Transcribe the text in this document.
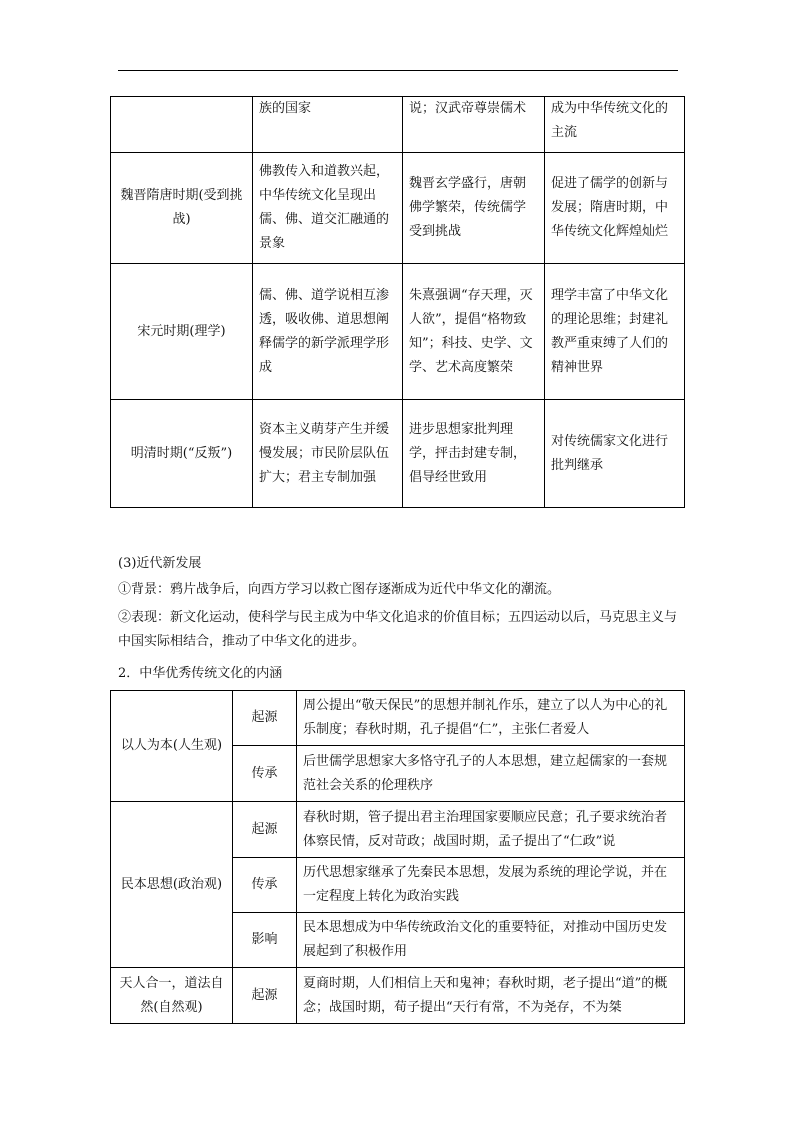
	族的国家	说；汉武帝尊崇儒术	成为中华传统文化的主流
魏晋隋唐时期(受到挑战)	佛教传入和道教兴起，中华传统文化呈现出儒、佛、道交汇融通的景象	魏晋玄学盛行，唐朝佛学繁荣，传统儒学受到挑战	促进了儒学的创新与发展；隋唐时期，中华传统文化辉煌灿烂
宋元时期(理学)	儒、佛、道学说相互渗透，吸收佛、道思想阐释儒学的新学派理学形成	朱熹强调“存天理，灭人欲”，提倡“格物致知”；科技、史学、文学、艺术高度繁荣	理学丰富了中华文化的理论思维；封建礼教严重束缚了人们的精神世界
明清时期(“反叛”)	资本主义萌芽产生并缓慢发展；市民阶层队伍扩大；君主专制加强	进步思想家批判理学，抨击封建专制，倡导经世致用	对传统儒家文化进行批判继承
(3)近代新发展
①背景：鸦片战争后，向西方学习以救亡图存逐渐成为近代中华文化的潮流。
②表现：新文化运动，使科学与民主成为中华文化追求的价值目标；五四运动以后，马克思主义与中国实际相结合，推动了中华文化的进步。
2．中华优秀传统文化的内涵
以人为本(人生观)	起源	周公提出“敬天保民”的思想并制礼作乐，建立了以人为中心的礼乐制度；春秋时期，孔子提倡“仁”，主张仁者爱人
	传承	后世儒学思想家大多恪守孔子的人本思想，建立起儒家的一套规范社会关系的伦理秩序
民本思想(政治观)	起源	春秋时期，管子提出君主治理国家要顺应民意；孔子要求统治者体察民情，反对苛政；战国时期，孟子提出了“仁政”说
	传承	历代思想家继承了先秦民本思想，发展为系统的理论学说，并在一定程度上转化为政治实践
	影响	民本思想成为中华传统政治文化的重要特征，对推动中国历史发展起到了积极作用
天人合一，道法自然(自然观)	起源	夏商时期，人们相信上天和鬼神；春秋时期，老子提出“道”的概念；战国时期，荀子提出“天行有常，不为尧存，不为桀
